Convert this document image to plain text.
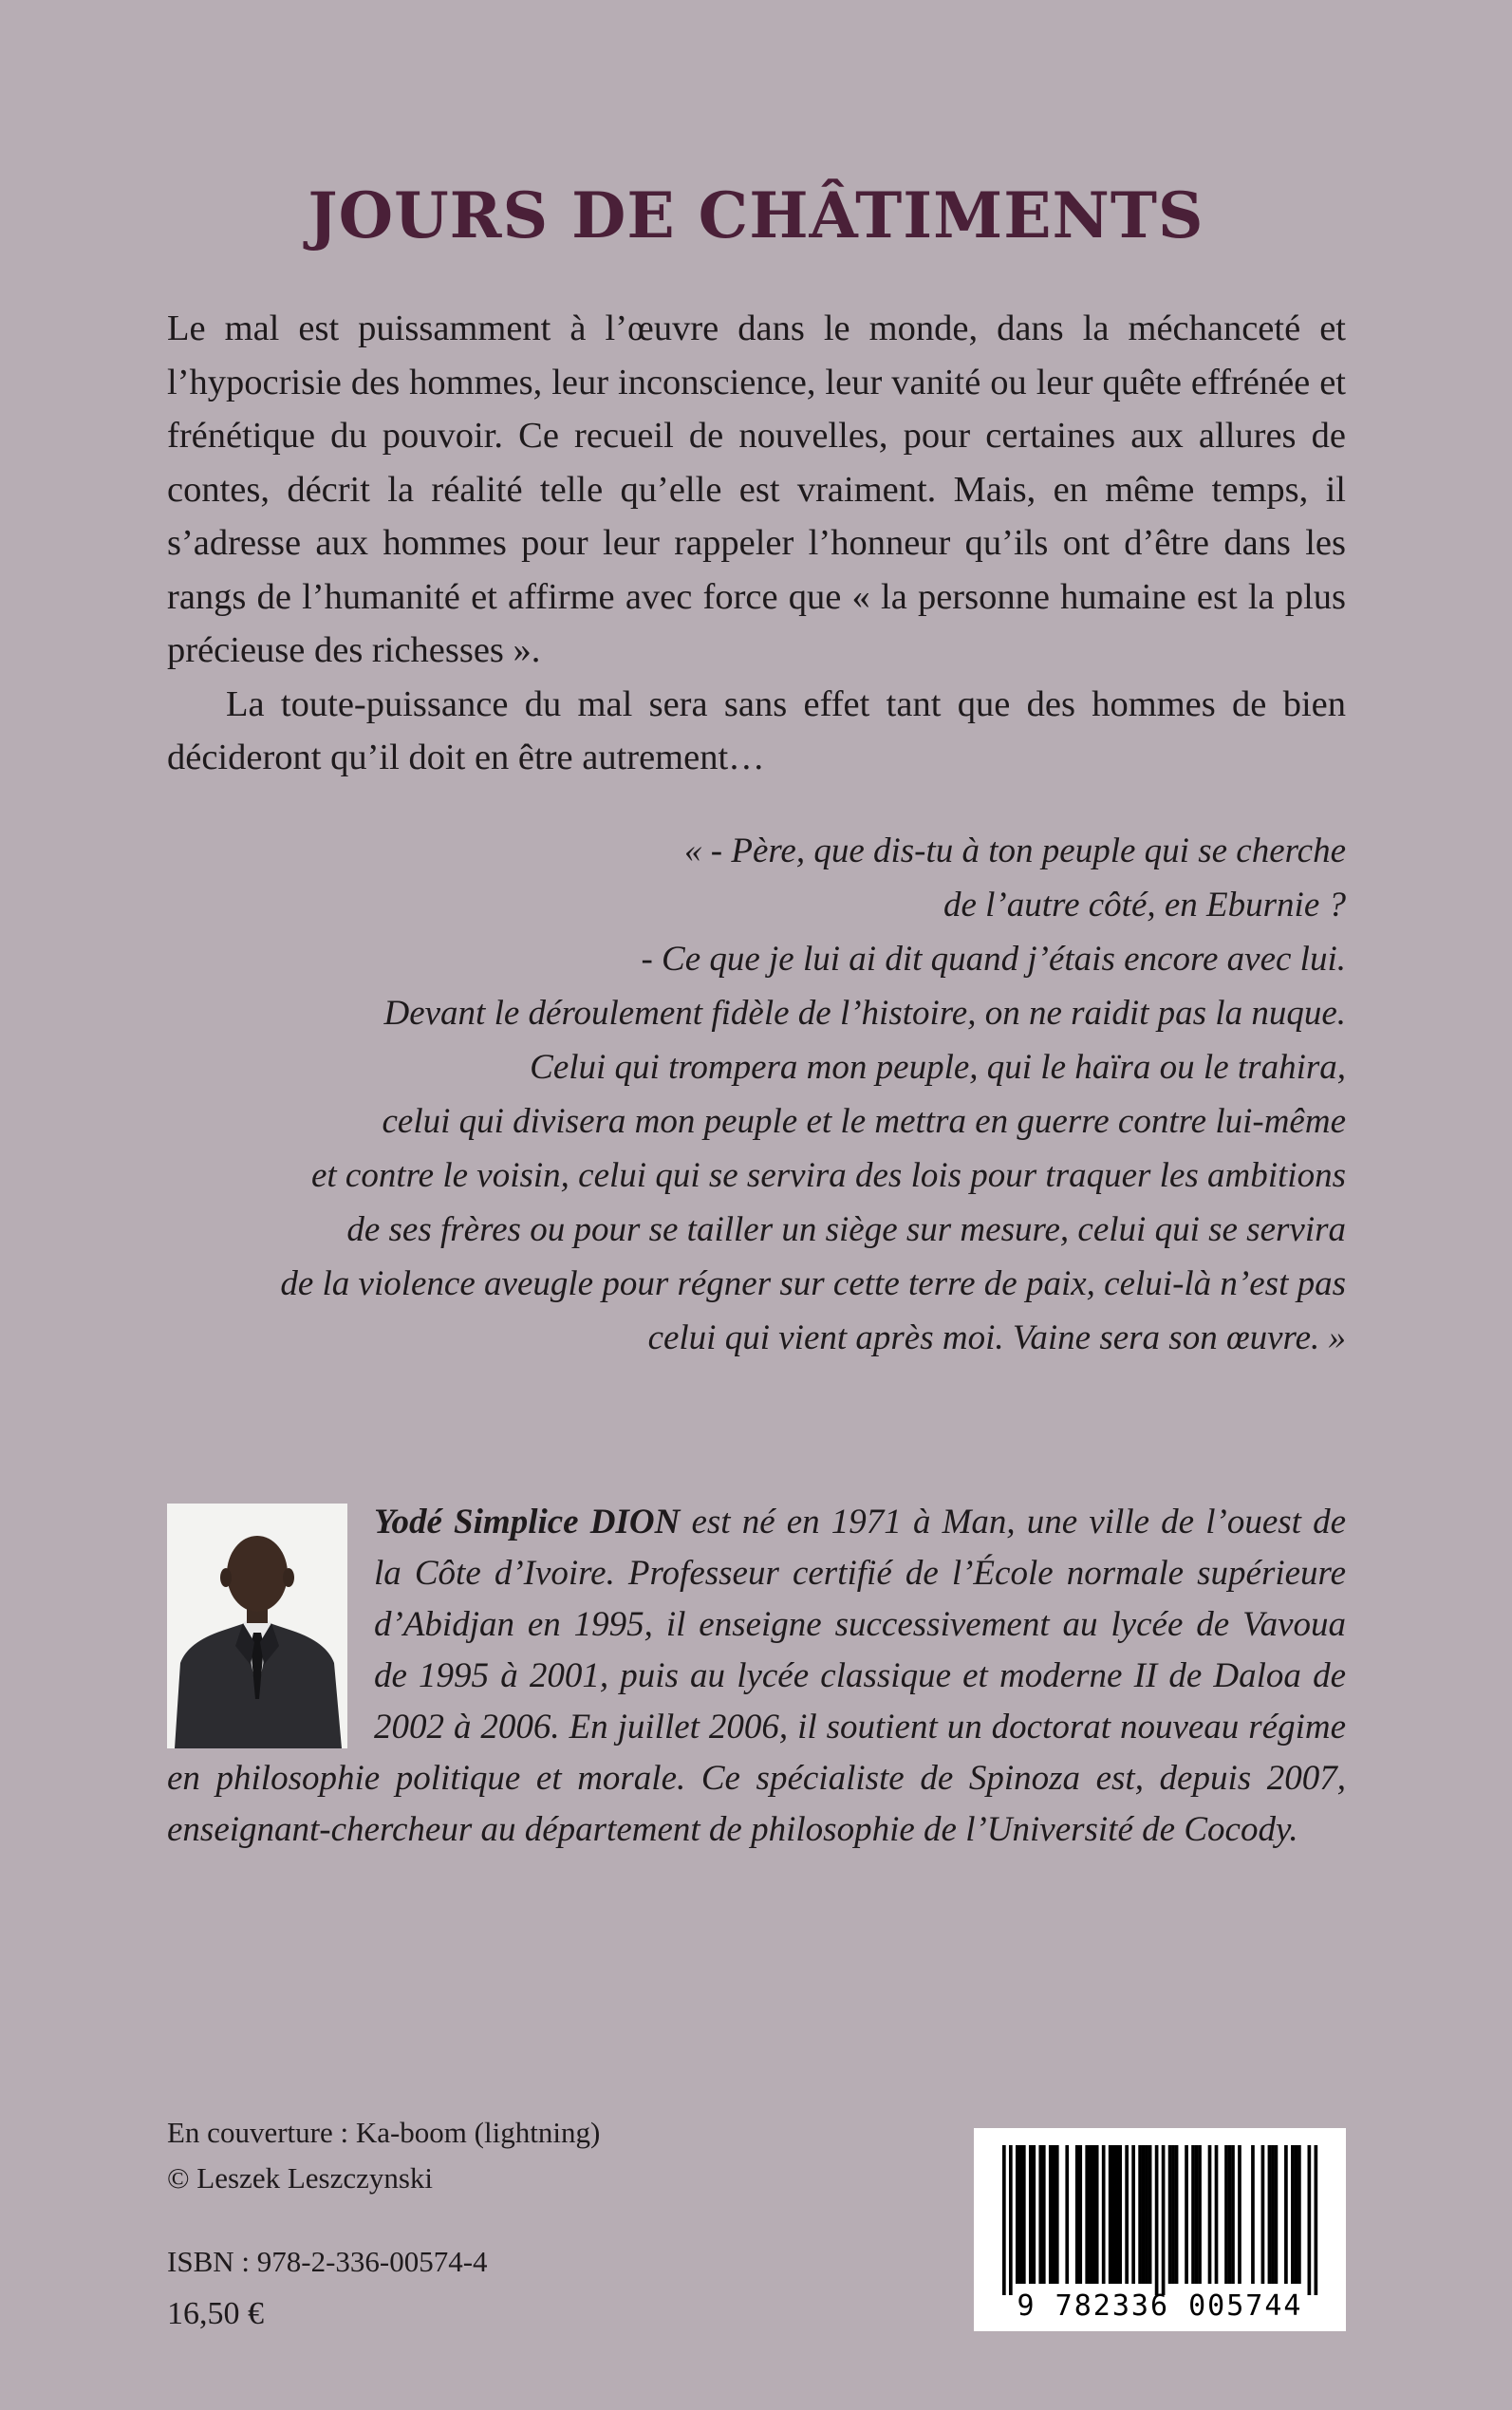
JOURS DE CHÂTIMENTS

Le mal est puissamment à l’œuvre dans le monde, dans la méchanceté et l’hypocrisie des hommes, leur inconscience, leur vanité ou leur quête effrénée et frénétique du pouvoir. Ce recueil de nouvelles, pour certaines aux allures de contes, décrit la réalité telle qu’elle est vraiment. Mais, en même temps, il s’adresse aux hommes pour leur rappeler l’honneur qu’ils ont d’être dans les rangs de l’humanité et affirme avec force que « la personne humaine est la plus précieuse des richesses ».

La toute-puissance du mal sera sans effet tant que des hommes de bien décideront qu’il doit en être autrement…

« - Père, que dis-tu à ton peuple qui se cherche
de l’autre côté, en Eburnie ?
- Ce que je lui ai dit quand j’étais encore avec lui.
Devant le déroulement fidèle de l’histoire, on ne raidit pas la nuque.
Celui qui trompera mon peuple, qui le haïra ou le trahira,
celui qui divisera mon peuple et le mettra en guerre contre lui-même
et contre le voisin, celui qui se servira des lois pour traquer les ambitions
de ses frères ou pour se tailler un siège sur mesure, celui qui se servira
de la violence aveugle pour régner sur cette terre de paix, celui-là n’est pas
celui qui vient après moi. Vaine sera son œuvre. »
Yodé Simplice DION est né en 1971 à Man, une ville de l’ouest de la Côte d’Ivoire. Professeur certifié de l’École normale supérieure d’Abidjan en 1995, il enseigne successivement au lycée de Vavoua de 1995 à 2001, puis au lycée classique et moderne II de Daloa de 2002 à 2006. En juillet 2006, il soutient un doctorat nouveau régime en philosophie politique et morale. Ce spécialiste de Spinoza est, depuis 2007, enseignant-chercheur au département de philosophie de l’Université de Cocody.
En couverture : Ka-boom (lightning)
© Leszek Leszczynski
ISBN : 978-2-336-00574-4
16,50 €	9 782336 005744
